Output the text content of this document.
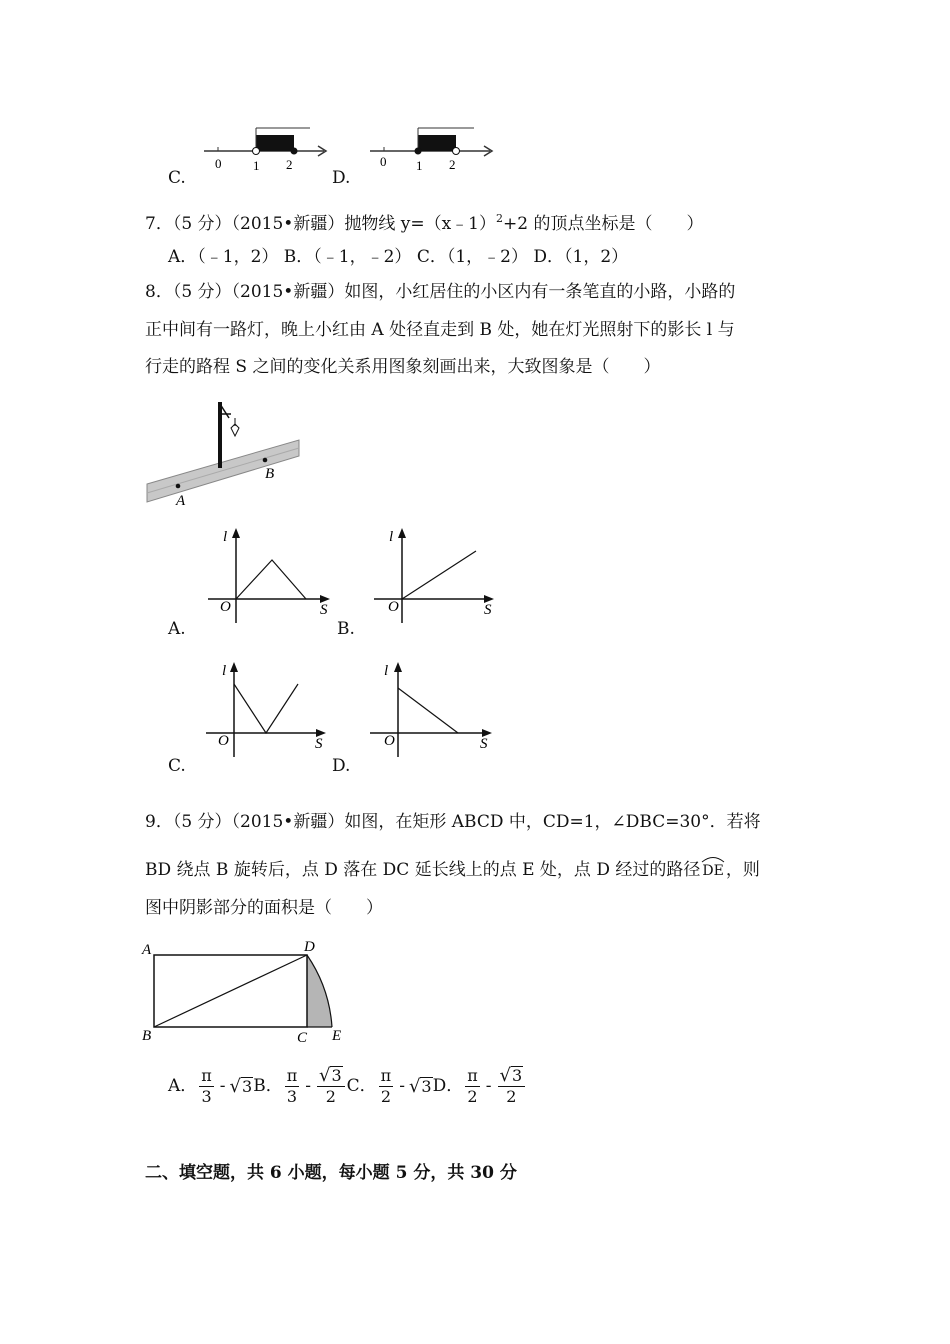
C.
0 1 2
D.
0 1 2
7．（5 分）（2015•新疆）抛物线 y=（x﹣1）$^2$+2 的顶点坐标是（　　）
A．（﹣1，2） B．（﹣1，﹣2） C．（1，﹣2） D．（1，2）
8．（5 分）（2015•新疆）如图，小红居住的小区内有一条笔直的小路，小路的
正中间有一路灯，晚上小红由 A 处径直走到 B 处，她在灯光照射下的影长 l 与
行走的路程 S 之间的变化关系用图象刻画出来，大致图象是（　　）
A
B
A.
l
O	S
B.
l
O	S
C.
l
O	S
D.
l
O	S
9．（5 分）（2015•新疆）如图，在矩形 ABCD 中，CD=1，∠DBC=30°．若将
BD 绕点 B 旋转后，点 D 落在 DC 延长线上的点 E 处，点 D 经过的路径 DE ，则
图中阴影部分的面积是（　　）
A
B	C
D
E
A． $\frac{\pi}{3}$ - √ 3 B． $\frac{\pi}{3} - \frac{√ 3}{2}$ C． $\frac{\pi}{2}$ - √ 3 D． $\frac{\pi}{2} - \frac{√ 3}{2}$
二、填空题，共 6 小题，每小题 5 分，共 30 分
